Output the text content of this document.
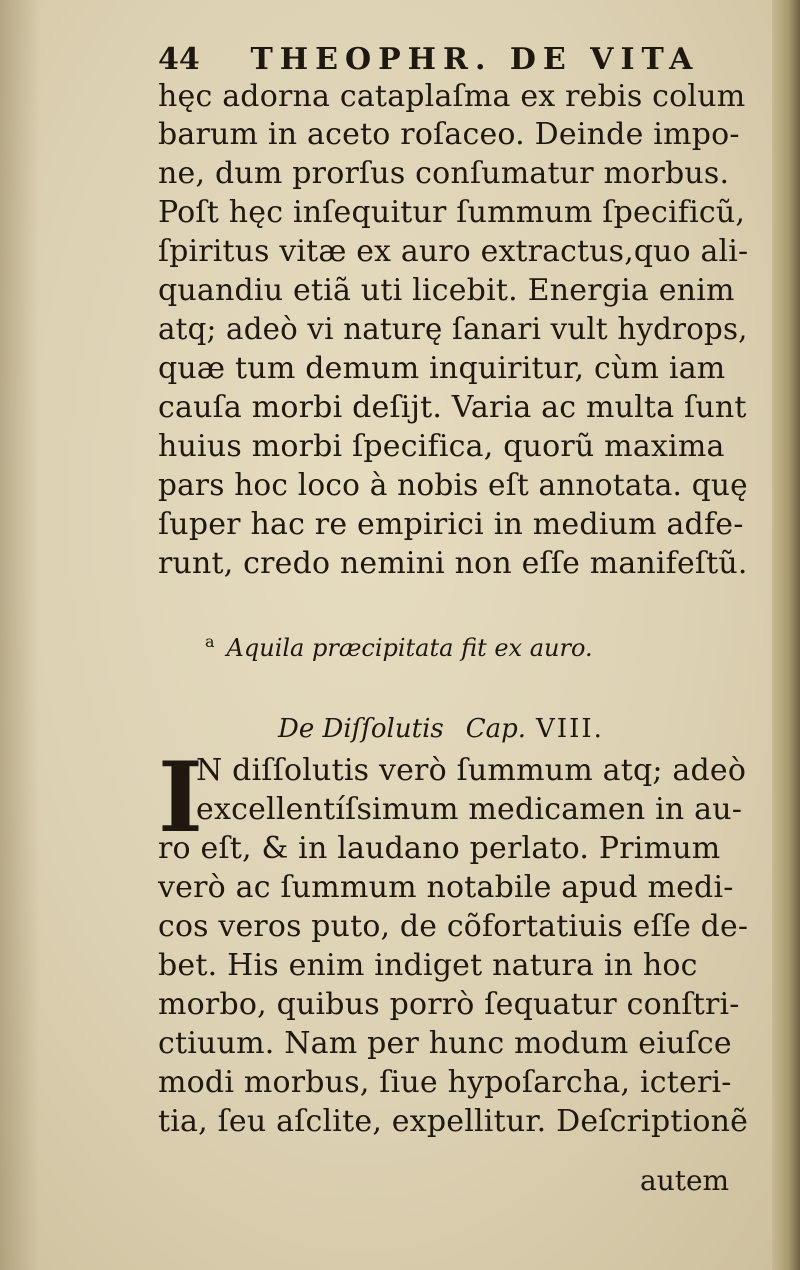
44 THEOPHR. DE VITA
hęc adorna cataplaſma ex rebis colum
barum in aceto roſaceo. Deinde impo-
ne, dum prorſus conſumatur morbus.
Poſt hęc inſequitur ſummum ſpecificũ,
ſpiritus vitæ ex auro extractus,quo ali-
quandiu etiã uti licebit. Energia enim
atq; adeò vi naturę ſanari vult hydrops,
quæ tum demum inquiritur, cùm iam
cauſa morbi deſijt. Varia ac multa ſunt
huius morbi ſpecifica, quorũ maxima
pars hoc loco à nobis eſt annotata. quę
ſuper hac re empirici in medium adfe-
runt, credo nemini non eſſe manifeſtũ.
$^a$ Aquila præcipitata fit ex auro.
De Diſſolutis Cap. VIII.
I
N diſſolutis verò ſummum atq; adeò
excellentíſsimum medicamen in au-
ro eſt, & in laudano perlato. Primum
verò ac ſummum notabile apud medi-
cos veros puto, de cõfortatiuis eſſe de-
bet. His enim indiget natura in hoc
morbo, quibus porrò ſequatur conſtri-
ctiuum. Nam per hunc modum eiuſce
modi morbus, ſiue hypoſarcha, icteri-
tia, ſeu aſclite, expellitur. Deſcriptionẽ
autem
